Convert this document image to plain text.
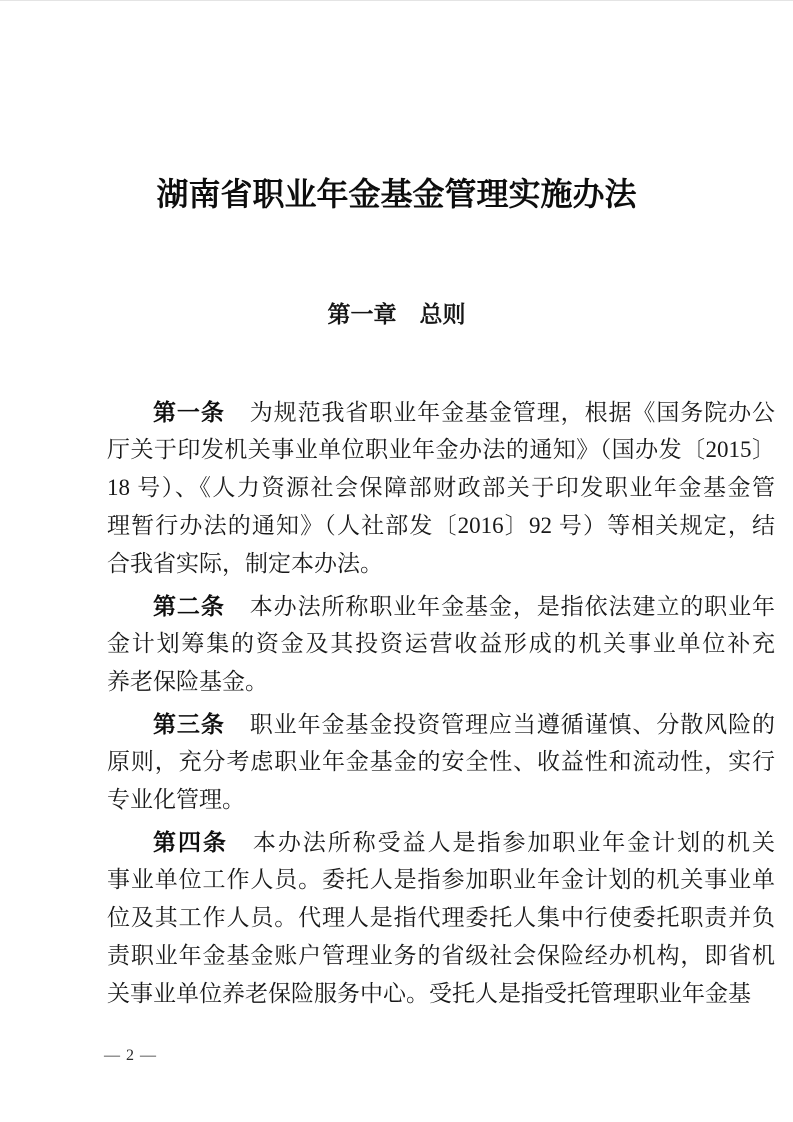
湖南省职业年金基金管理实施办法
第一章　总则

第一条 为规范我省职业年金基金管理，根据《国务院办公
厅关于印发机关事业单位职业年金办法的通知》（国办发〔2015〕
18 号）、《人力资源社会保障部财政部关于印发职业年金基金管
理暂行办法的通知》（人社部发〔2016〕92 号）等相关规定，结
合我省实际，制定本办法。

第二条 本办法所称职业年金基金，是指依法建立的职业年
金计划筹集的资金及其投资运营收益形成的机关事业单位补充
养老保险基金。

第三条 职业年金基金投资管理应当遵循谨慎、分散风险的
原则，充分考虑职业年金基金的安全性、收益性和流动性，实行
专业化管理。

第四条 本办法所称受益人是指参加职业年金计划的机关
事业单位工作人员。委托人是指参加职业年金计划的机关事业单
位及其工作人员。代理人是指代理委托人集中行使委托职责并负
责职业年金基金账户管理业务的省级社会保险经办机构，即省机
关事业单位养老保险服务中心。受托人是指受托管理职业年金基

— 2 —
